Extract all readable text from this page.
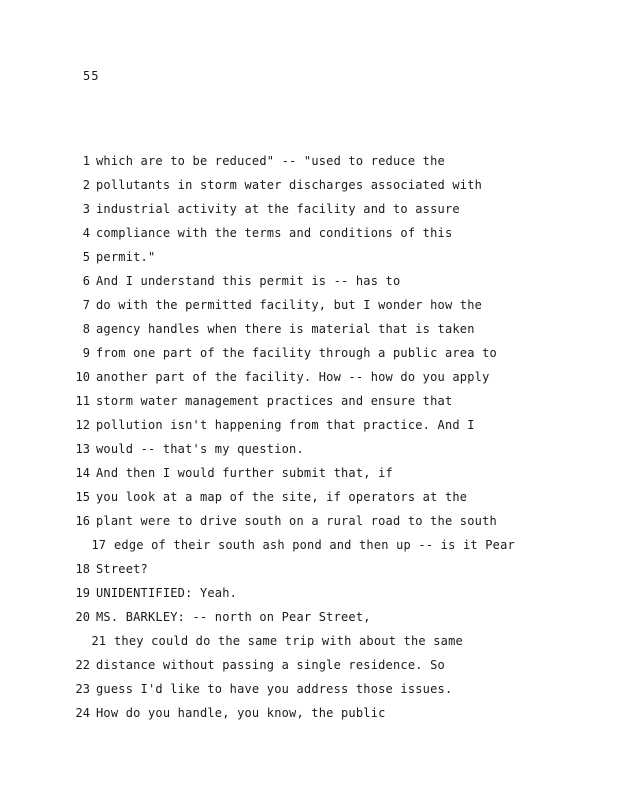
55
1 which are to be reduced" -- "used to reduce the
2 pollutants in storm water discharges associated with
3 industrial activity at the facility and to assure
4 compliance with the terms and conditions of this
5 permit."
6 And I understand this permit is -- has to
7 do with the permitted facility, but I wonder how the
8 agency handles when there is material that is taken
9 from one part of the facility through a public area to
10 another part of the facility. How -- how do you apply
11 storm water management practices and ensure that
12 pollution isn't happening from that practice. And I
13 would -- that's my question.
14 And then I would further submit that, if
15 you look at a map of the site, if operators at the
16 plant were to drive south on a rural road to the south
17 edge of their south ash pond and then up -- is it Pear
18 Street?
19 UNIDENTIFIED: Yeah.
20 MS. BARKLEY: -- north on Pear Street,
21 they could do the same trip with about the same
22 distance without passing a single residence. So
23 guess I'd like to have you address those issues.
24 How do you handle, you know, the public
